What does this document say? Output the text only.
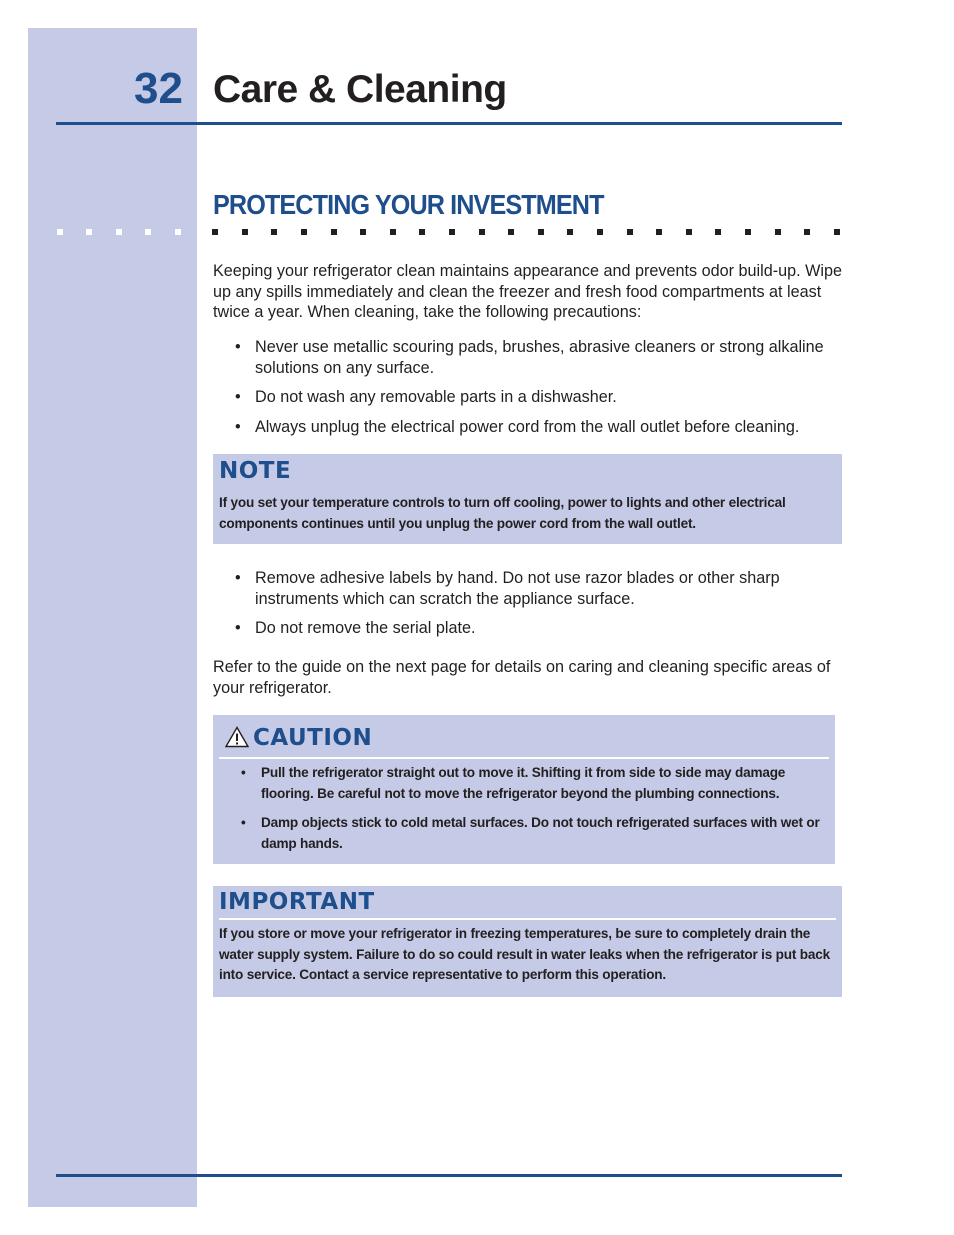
32 Care & Cleaning
PROTECTING YOUR INVESTMENT

Keeping your refrigerator clean maintains appearance and prevents odor build-up. Wipe up any spills immediately and clean the freezer and fresh food compartments at least twice a year. When cleaning, take the following precautions:

• Never use metallic scouring pads, brushes, abrasive cleaners or strong alkaline solutions on any surface.
• Do not wash any removable parts in a dishwasher.
• Always unplug the electrical power cord from the wall outlet before cleaning.
NOTE
If you set your temperature controls to turn off cooling, power to lights and other electrical components continues until you unplug the power cord from the wall outlet.
• Remove adhesive labels by hand. Do not use razor blades or other sharp instruments which can scratch the appliance surface.
• Do not remove the serial plate.

Refer to the guide on the next page for details on caring and cleaning specific areas of your refrigerator.

CAUTION
• Pull the refrigerator straight out to move it. Shifting it from side to side may damage flooring. Be careful not to move the refrigerator beyond the plumbing connections.
• Damp objects stick to cold metal surfaces. Do not touch refrigerated surfaces with wet or damp hands.
IMPORTANT
If you store or move your refrigerator in freezing temperatures, be sure to completely drain the water supply system. Failure to do so could result in water leaks when the refrigerator is put back into service. Contact a service representative to perform this operation.
